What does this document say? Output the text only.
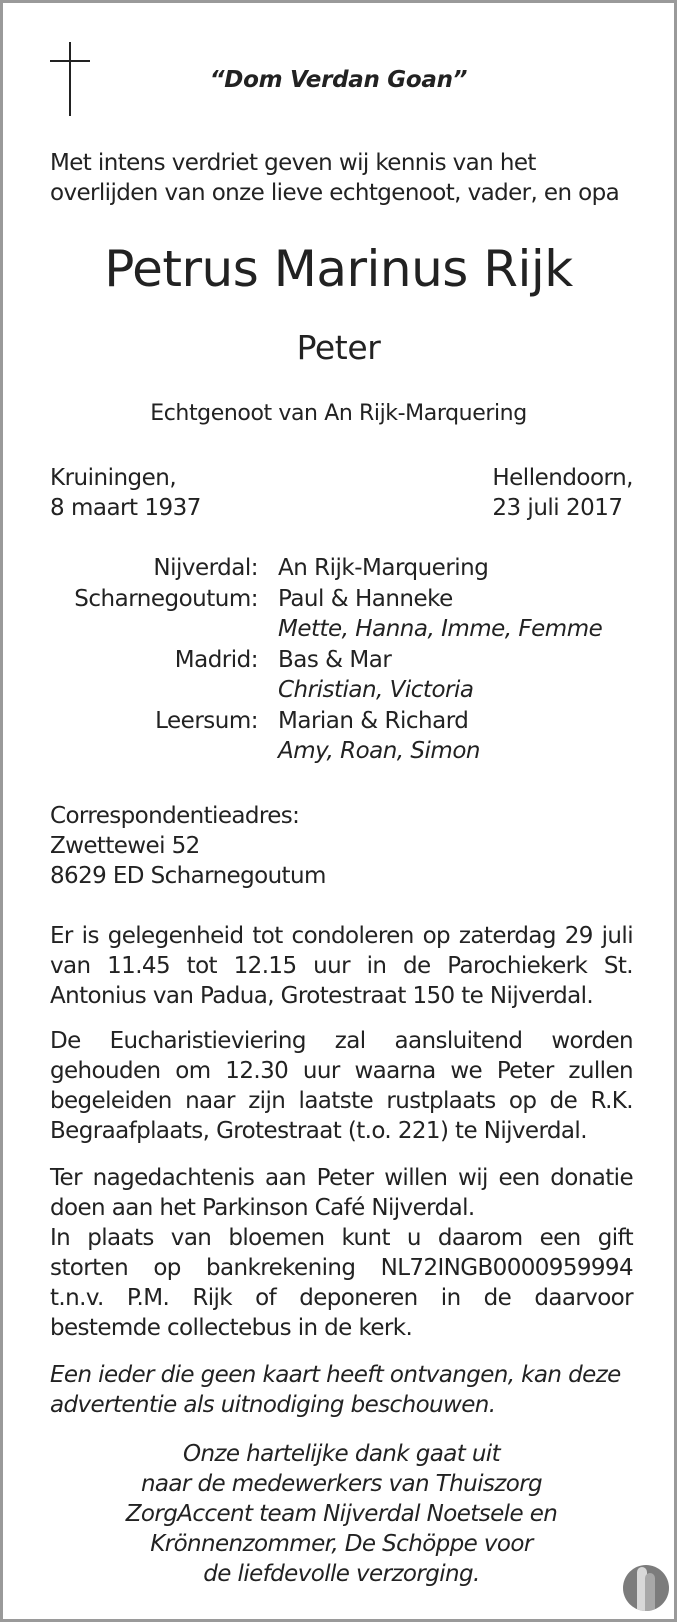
“Dom Verdan Goan”
Met intens verdriet geven wij kennis van het overlijden van onze lieve echtgenoot, vader, en opa
Petrus Marinus Rijk
Peter
Echtgenoot van An Rijk-Marquering
Kruiningen,
8 maart 1937
Hellendoorn,
23 juli 2017
Nijverdal: An Rijk-Marquering
Scharnegoutum: Paul & Hanneke
Mette, Hanna, Imme, Femme
Madrid: Bas & Mar
Christian, Victoria
Leersum: Marian & Richard
Amy, Roan, Simon
Correspondentieadres:
Zwettewei 52
8629 ED Scharnegoutum
Er is gelegenheid tot condoleren op zaterdag 29 juli van 11.45 tot 12.15 uur in de Parochiekerk St. Antonius van Padua, Grotestraat 150 te Nijverdal.
De Eucharistieviering zal aansluitend worden gehouden om 12.30 uur waarna we Peter zullen begeleiden naar zijn laatste rustplaats op de R.K. Begraafplaats, Grotestraat (t.o. 221) te Nijverdal.
Ter nagedachtenis aan Peter willen wij een donatie doen aan het Parkinson Café Nijverdal.
In plaats van bloemen kunt u daarom een gift storten op bankrekening NL72INGB0000959994 t.n.v. P.M. Rijk of deponeren in de daarvoor bestemde collectebus in de kerk.
Een ieder die geen kaart heeft ontvangen, kan deze advertentie als uitnodiging beschouwen.
Onze hartelijke dank gaat uit
naar de medewerkers van Thuiszorg
ZorgAccent team Nijverdal Noetsele en
Krönnenzommer, De Schöppe voor
de liefdevolle verzorging.
